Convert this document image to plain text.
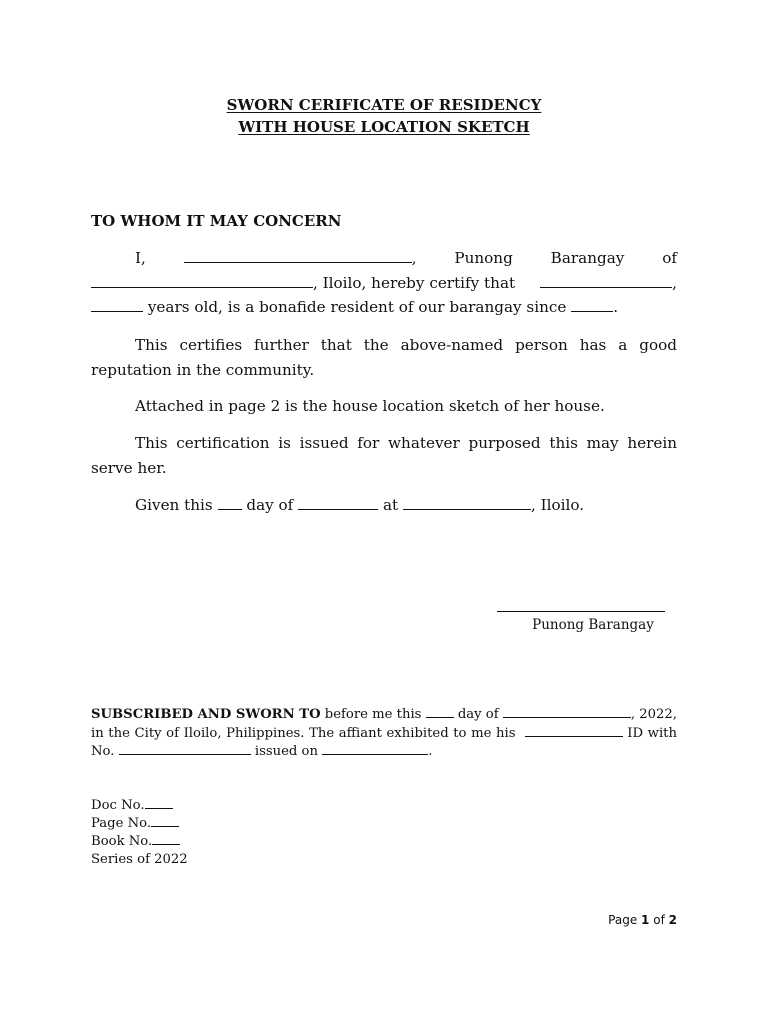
SWORN CERIFICATE OF RESIDENCY
WITH HOUSE LOCATION SKETCH
TO WHOM IT MAY CONCERN
I,	, Punong Barangay of
, Iloilo, hereby certify that	,
years old, is a bonafide resident of our barangay since	.

This certifies further that the above-named person has a good reputation in the community.

Attached in page 2 is the house location sketch of her house.

This certification is issued for whatever purposed this may herein serve her.

Given this day of	at	, Iloilo.
Punong Barangay
SUBSCRIBED AND SWORN TO before me this	day of	, 2022, in the City of Iloilo, Philippines. The affiant exhibited to me his	ID with No.	issued on	.
Doc No.
Page No.
Book No.
Series of 2022
Page 1 of 2
